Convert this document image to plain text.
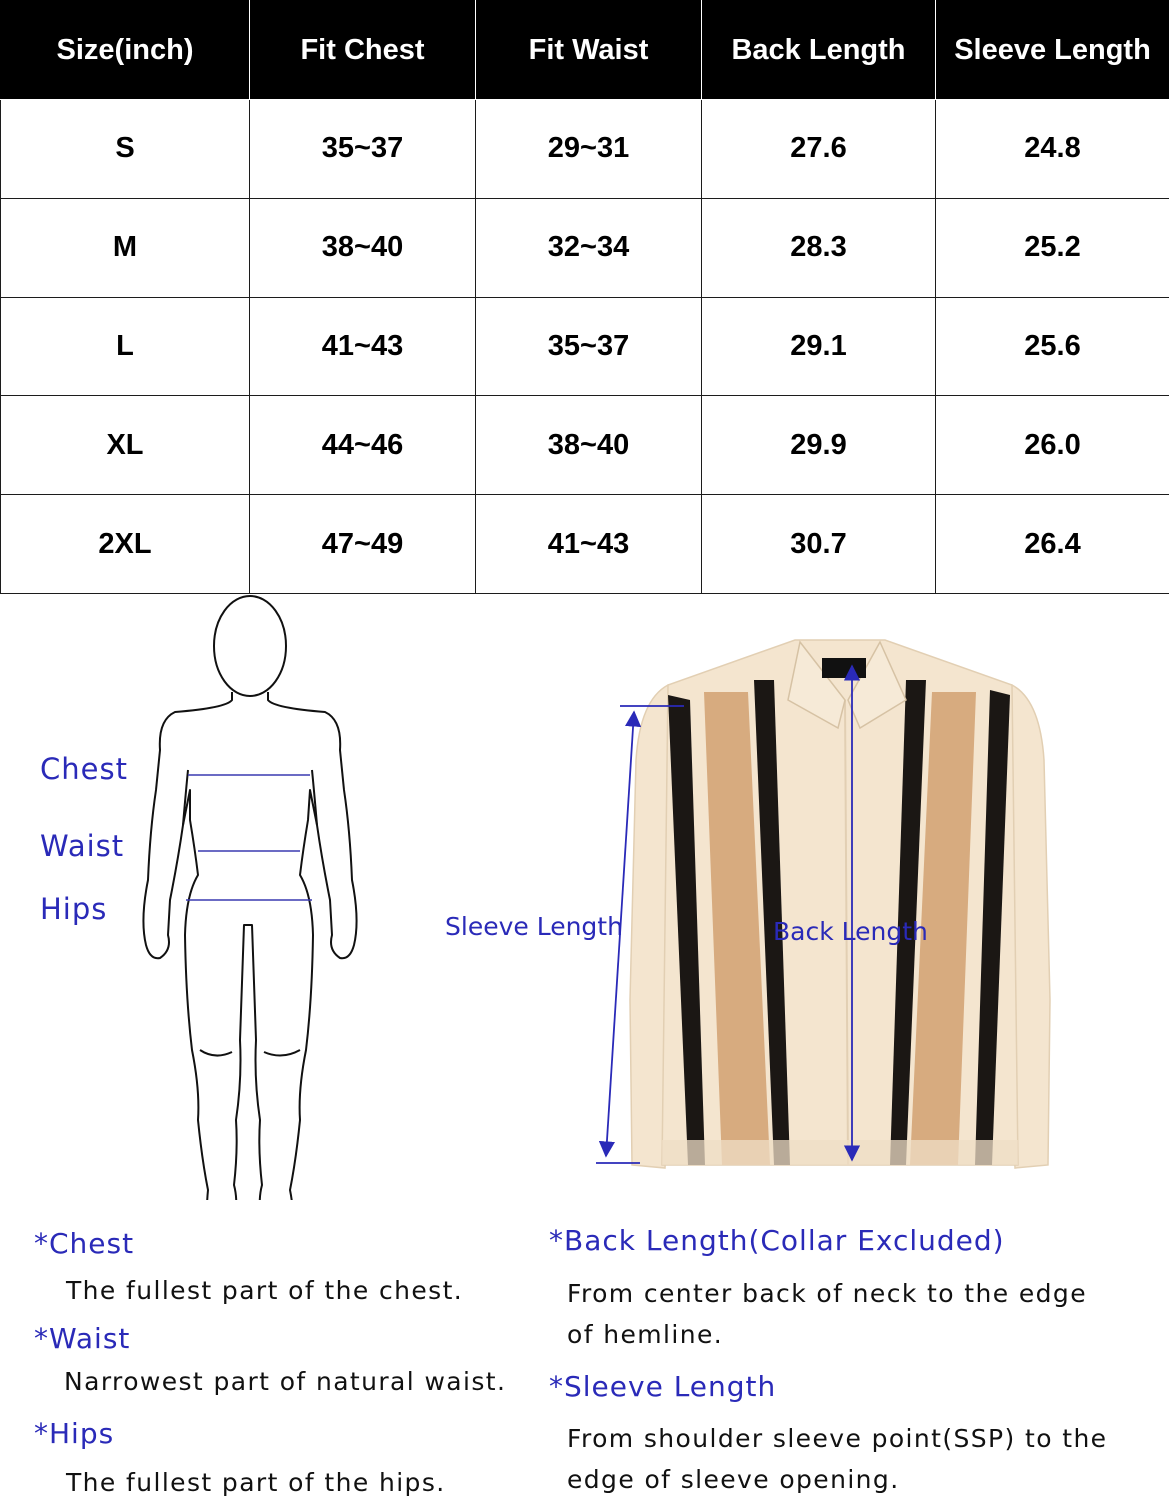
Size(inch)	Fit Chest	Fit Waist	Back Length	Sleeve Length
S	35~37	29~31	27.6	24.8
M	38~40	32~34	28.3	25.2
L	41~43	35~37	29.1	25.6
XL	44~46	38~40	29.9	26.0
2XL	47~49	41~43	30.7	26.4
Chest
Waist
Hips
Sleeve Length	Back Length
*Chest
The fullest part of the chest.
*Waist
Narrowest part of natural waist.
*Hips
The fullest part of the hips.
*Back Length(Collar Excluded)
From center back of neck to the edge
of hemline.
*Sleeve Length
From shoulder sleeve point(SSP) to the
edge of sleeve opening.
